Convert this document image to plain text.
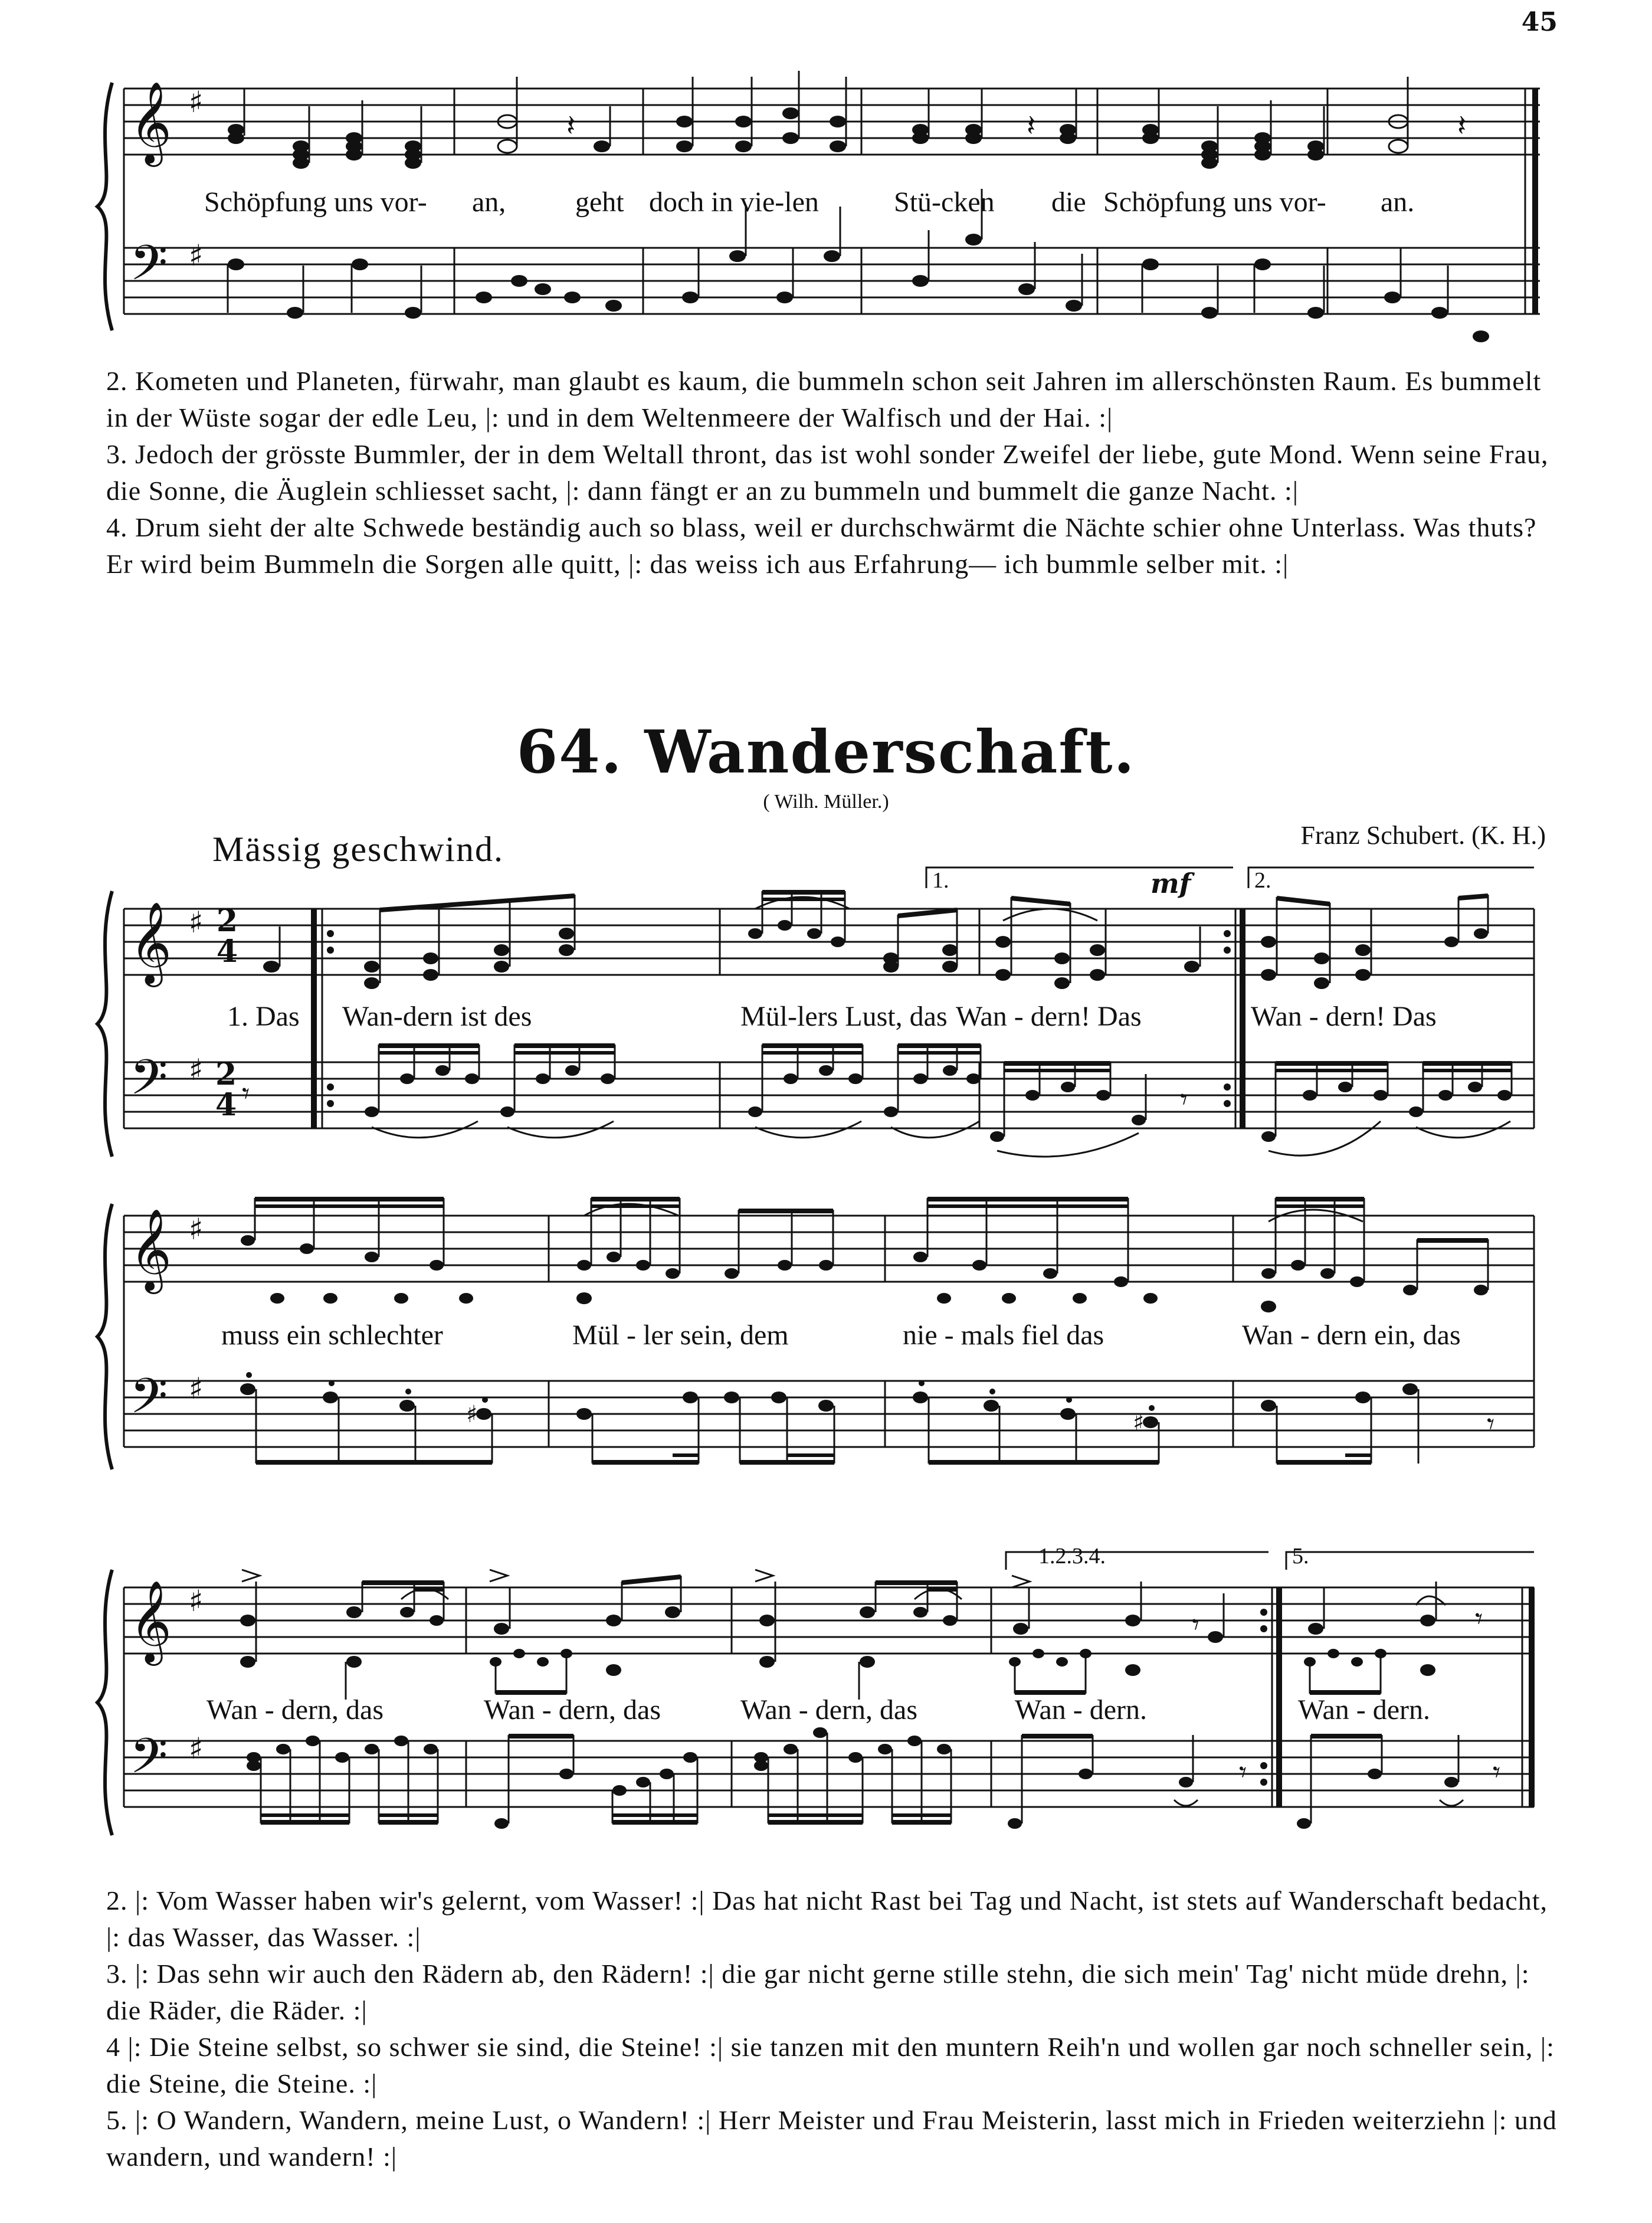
45
𝄞
𝄢
♯
♯
𝄽	𝄽	𝄽
Schöpfung uns vor- an, geht doch in vie-len	Stü-cken die Schöpfung uns vor- an.

2. Kometen und Planeten, fürwahr, man glaubt es kaum, die bummeln schon seit Jahren im allerschönsten Raum. Es bummelt in der Wüste sogar der edle Leu, |: und in dem Weltenmeere der Walfisch und der Hai. :|

3. Jedoch der grösste Bummler, der in dem Weltall thront, das ist wohl sonder Zweifel der liebe, gute Mond. Wenn seine Frau, die Sonne, die Äuglein schliesset sacht, |: dann fängt er an zu bummeln und bummelt die ganze Nacht. :|

4. Drum sieht der alte Schwede beständig auch so blass, weil er durchschwärmt die Nächte schier ohne Unterlass. Was thuts? Er wird beim Bummeln die Sorgen alle quitt, |: das weiss ich aus Erfahrung— ich bummle selber mit. :|

64. Wanderschaft.
( Wilh. Müller.)
Mässig geschwind.	Franz Schubert. (K. H.)
𝄞
𝄢
♯
♯
𝄾
𝄾
2
4
2
4
1.	2.
mf
1. Das Wan-dern ist des	Mül-lers Lust, das Wan - dern! Das	Wan - dern! Das
𝄞
𝄢
♯
♯
♯	♯	𝄾
muss ein schlechter	Mül - ler sein, dem	nie - mals fiel das	Wan - dern ein, das
𝄞
𝄢
♯
♯
𝄾	𝄾
𝄾	𝄾
1.2.3.4.	5.
Wan - dern, das	Wan - dern, das	Wan - dern, das	Wan - dern.	Wan - dern.

2. |: Vom Wasser haben wir's gelernt, vom Wasser! :| Das hat nicht Rast bei Tag und Nacht, ist stets auf Wanderschaft bedacht, |: das Wasser, das Wasser. :|

3. |: Das sehn wir auch den Rädern ab, den Rädern! :| die gar nicht gerne stille stehn, die sich mein' Tag' nicht müde drehn, |: die Räder, die Räder. :|

4 |: Die Steine selbst, so schwer sie sind, die Steine! :| sie tanzen mit den muntern Reih'n und wollen gar noch schneller sein, |: die Steine, die Steine. :|

5. |: O Wandern, Wandern, meine Lust, o Wandern! :| Herr Meister und Frau Meisterin, lasst mich in Frieden weiterziehn |: und wandern, und wandern! :|
